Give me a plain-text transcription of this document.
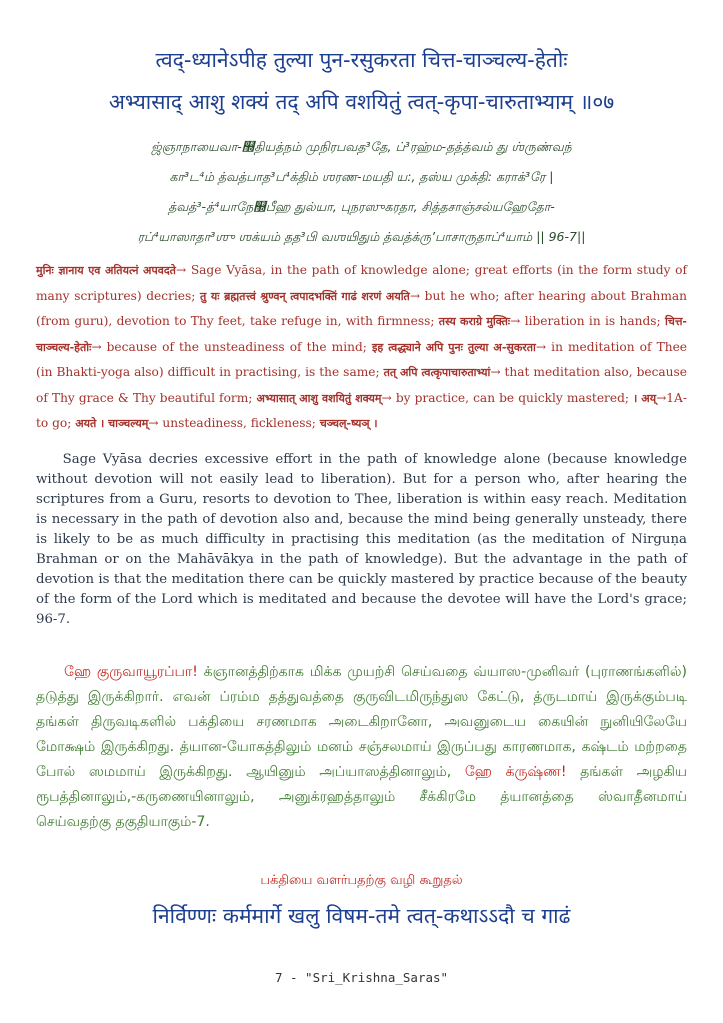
त्वद्-ध्यानेऽपीह तुल्या पुन-रसुकरता चित्त-चाञ्चल्य-हेतोः
अभ्यासाद् आशु शक्यं तद् अपि वशयितुं त्वत्-कृपा-चारुताभ्याम् ॥०७
ஜ்ஞாநாயைவா-஽தியத்நம் முநிரபவத³தே, ப்³ரஹ்ம-தத்த்வம் து ஶ்ருண்வந்
கா³ட⁴ம் த்வத்பாத³ப⁴க்திம் ஶரண-மயதி ய:, தஸ்ய முக்தி: கராக்³ரே |
த்வத்³-த்⁴யாநே஽பீஹ துல்யா, புநரஸுகரதா, சித்தசாஞ்சல்யஹேதோ-
ரப்⁴யாஸாதா³ஶு ஶக்யம் தத³பி வஶயிதும் த்வத்க்ரு’பாசாருதாப்⁴யாம் || 96-7||
मुनिः ज्ञानाय एव अतियत्नं अपवदते→ Sage Vyāsa, in the path of knowledge alone; great efforts (in the form study of many scriptures) decries; तु यः ब्रह्मतत्त्वं श्रुण्वन् त्वपादभक्तिं गाढं शरणं अयति→ but he who; after hearing about Brahman (from guru), devotion to Thy feet, take refuge in, with firmness; तस्य कराग्रे मुक्तिः→ liberation in is hands; चित्त-चाञ्चल्य-हेतोः→ because of the unsteadiness of the mind; इह त्वद्ध्याने अपि पुनः तुल्या अ-सुकरता→ in meditation of Thee (in Bhakti-yoga also) difficult in practising, is the same; तत् अपि त्वत्कृपाचारुताभ्यां→ that meditation also, because of Thy grace & Thy beautiful form; अभ्यासात् आशु वशयितुं शक्यम्→ by practice, can be quickly mastered; । अय्→1A- to go; अयते । चाञ्चल्यम्→ unsteadiness, fickleness; चञ्चल्-ष्यञ् ।

  Sage Vyāsa decries excessive effort in the path of knowledge alone (because knowledge without devotion will not easily lead to liberation). But for a person who, after hearing the scriptures from a Guru, resorts to devotion to Thee, liberation is within easy reach. Meditation is necessary in the path of devotion also and, because the mind being generally unsteady, there is likely to be as much difficulty in practising this meditation (as the meditation of Nirguṇa Brahman or on the Mahāvākya in the path of knowledge). But the advantage in the path of devotion is that the meditation there can be quickly mastered by practice because of the beauty of the form of the Lord which is meditated and because the devotee will have the Lord's grace; 96-7.

  ஹே குருவாயூரப்பா! க்ஞானத்திற்காக மிக்க முயற்சி செய்வதை வ்யாஸ-முனிவர் (புராணங்களில்) தடுத்து இருக்கிறார். எவன் ப்ரம்ம தத்துவத்தை குருவிடமிருந்துஸ கேட்டு, த்ருடமாய் இருக்கும்படி தங்கள் திருவடிகளில் பக்தியை சரணமாக அடைகிறானோ, அவனுடைய கையின் நுனியிலேயே மோக்ஷம் இருக்கிறது. த்யான-யோகத்திலும் மனம் சஞ்சலமாய் இருப்பது காரணமாக, கஷ்டம் மற்றதை போல் ஸமமாய் இருக்கிறது. ஆயினும் அப்யாஸத்தினாலும், ஹே க்ருஷ்ண! தங்கள் அழகிய ரூபத்தினாலும்,-கருணையினாலும், அனுக்ரஹத்தாலும் சீக்கிரமே த்யானத்தை ஸ்வாதீனமாய் செய்வதற்கு தகுதியாகும்-7.
பக்தியை வளர்பதற்கு வழி கூறுதல்
निर्विण्णः कर्ममार्गे खलु विषम-तमे त्वत्-कथाऽऽदौ च गाढं
7 - "Sri_Krishna_Saras"
